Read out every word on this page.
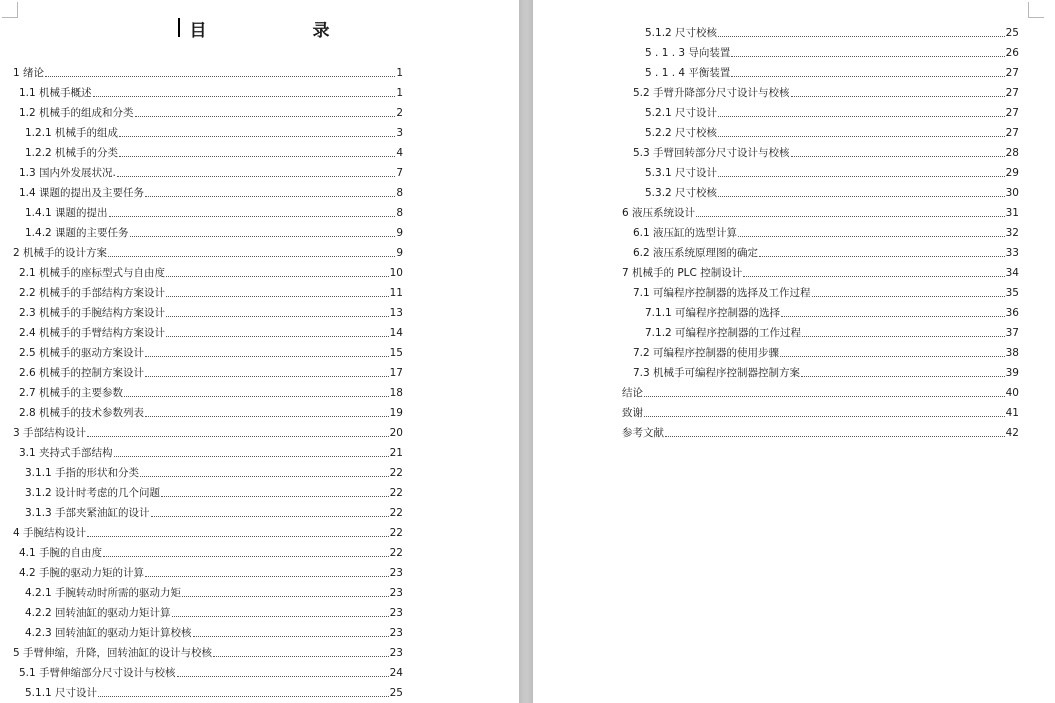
目 录
1 绪论	1
1.1 机械手概述	1
1.2 机械手的组成和分类	2
1.2.1 机械手的组成	3
1.2.2 机械手的分类	4
1.3 国内外发展状况.	7
1.4 课题的提出及主要任务	8
1.4.1 课题的提出	8
1.4.2 课题的主要任务	9
2 机械手的设计方案	9
2.1 机械手的座标型式与自由度	10
2.2 机械手的手部结构方案设计	11
2.3 机械手的手腕结构方案设计	13
2.4 机械手的手臂结构方案设计	14
2.5 机械手的驱动方案设计	15
2.6 机械手的控制方案设计	17
2.7 机械手的主要参数	18
2.8 机械手的技术参数列表	19
3 手部结构设计	20
3.1 夹持式手部结构	21
3.1.1 手指的形状和分类	22
3.1.2 设计时考虑的几个问题	22
3.1.3 手部夹紧油缸的设计	22
4 手腕结构设计	22
4.1 手腕的自由度	22
4.2 手腕的驱动力矩的计算	23
4.2.1 手腕转动时所需的驱动力矩	23
4.2.2 回转油缸的驱动力矩计算	23
4.2.3 回转油缸的驱动力矩计算校核	23
5 手臂伸缩，升降，回转油缸的设计与校核	23
5.1 手臂伸缩部分尺寸设计与校核	24
5.1.1 尺寸设计	25
5.1.2 尺寸校核	25
5 . 1 . 3 导向装置	26
5 . 1 . 4 平衡装置	27
5.2 手臂升降部分尺寸设计与校核	27
5.2.1 尺寸设计	27
5.2.2 尺寸校核	27
5.3 手臂回转部分尺寸设计与校核	28
5.3.1 尺寸设计	29
5.3.2 尺寸校核	30
6 液压系统设计	31
6.1 液压缸的选型计算	32
6.2 液压系统原理图的确定	33
7 机械手的 PLC 控制设计	34
7.1 可编程序控制器的选择及工作过程	35
7.1.1 可编程序控制器的选择	36
7.1.2 可编程序控制器的工作过程	37
7.2 可编程序控制器的使用步骤	38
7.3 机械手可编程序控制器控制方案	39
结论	40
致谢	41
参考文献	42
